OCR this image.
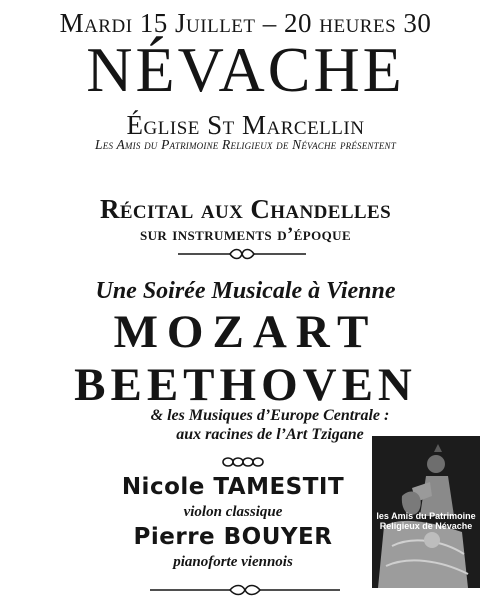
Mardi 15 Juillet – 20 heures 30
NÉVACHE
Église St Marcellin
Les Amis du Patrimoine Religieux de Névache présentent
Récital aux Chandelles
sur instruments d’époque
Une Soirée Musicale à Vienne
MOZART
BEETHOVEN
& les Musiques d’Europe Centrale :
aux racines de l’Art Tzigane
Nicole TAMESTIT
violon classique
Pierre BOUYER
pianoforte viennois
les Amis du Patrimoine
Religieux de Névache
